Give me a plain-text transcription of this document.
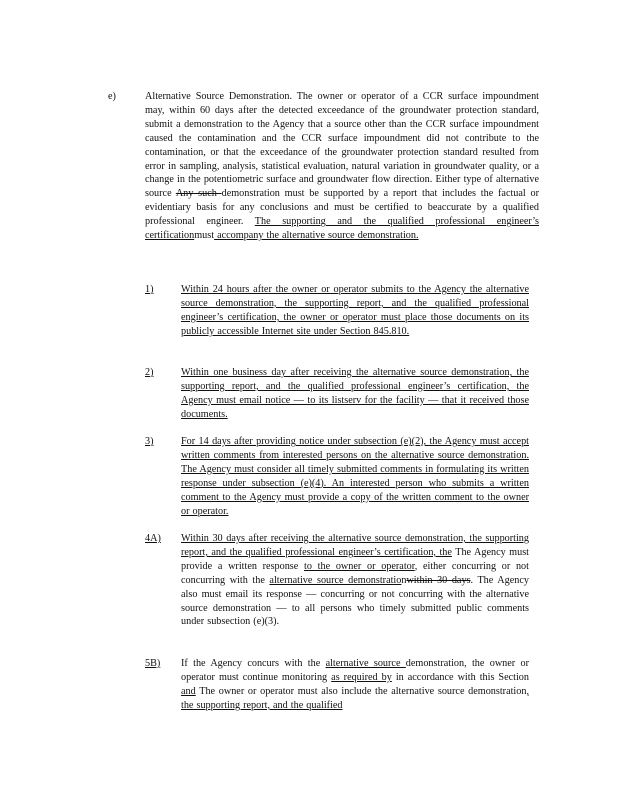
e)	Alternative Source Demonstration. The owner or operator of a CCR surface impoundment may, within 60 days after the detected exceedance of the groundwater protection standard, submit a demonstration to the Agency that a source other than the CCR surface impoundment caused the contamination and the CCR surface impoundment did not contribute to the contamination, or that the exceedance of the groundwater protection standard resulted from error in sampling, analysis, statistical evaluation, natural variation in groundwater quality, or a change in the potentiometric surface and groundwater flow direction. Either type of alternative source Any such demonstration must be supported by a report that includes the factual or evidentiary basis for any conclusions and must be certified to beaccurate by a qualified professional engineer. The supporting and the qualified professional engineer’s certificationmust accompany the alternative source demonstration.
1)	Within 24 hours after the owner or operator submits to the Agency the alternative source demonstration, the supporting report, and the qualified professional engineer’s certification, the owner or operator must place those documents on its publicly accessible Internet site under Section 845.810.
2)	Within one business day after receiving the alternative source demonstration, the supporting report, and the qualified professional engineer’s certification, the Agency must email notice — to its listserv for the facility — that it received those documents.
3)	For 14 days after providing notice under subsection (e)(2), the Agency must accept written comments from interested persons on the alternative source demonstration. The Agency must consider all timely submitted comments in formulating its written response under subsection (e)(4). An interested person who submits a written comment to the Agency must provide a copy of the written comment to the owner or operator.
4A) Within 30 days after receiving the alternative source demonstration, the supporting report, and the qualified professional engineer’s certification, the The Agency must provide a written response to the owner or operator, either concurring or not concurring with the alternative source demonstrationwithin 30 days. The Agency also must email its response — concurring or not concurring with the alternative source demonstration — to all persons who timely submitted public comments under subsection (e)(3).
5B) If the Agency concurs with the alternative source demonstration, the owner or operator must continue monitoring as required by in accordance with this Section and The owner or operator must also include the alternative source demonstration, the supporting report, and the qualified
